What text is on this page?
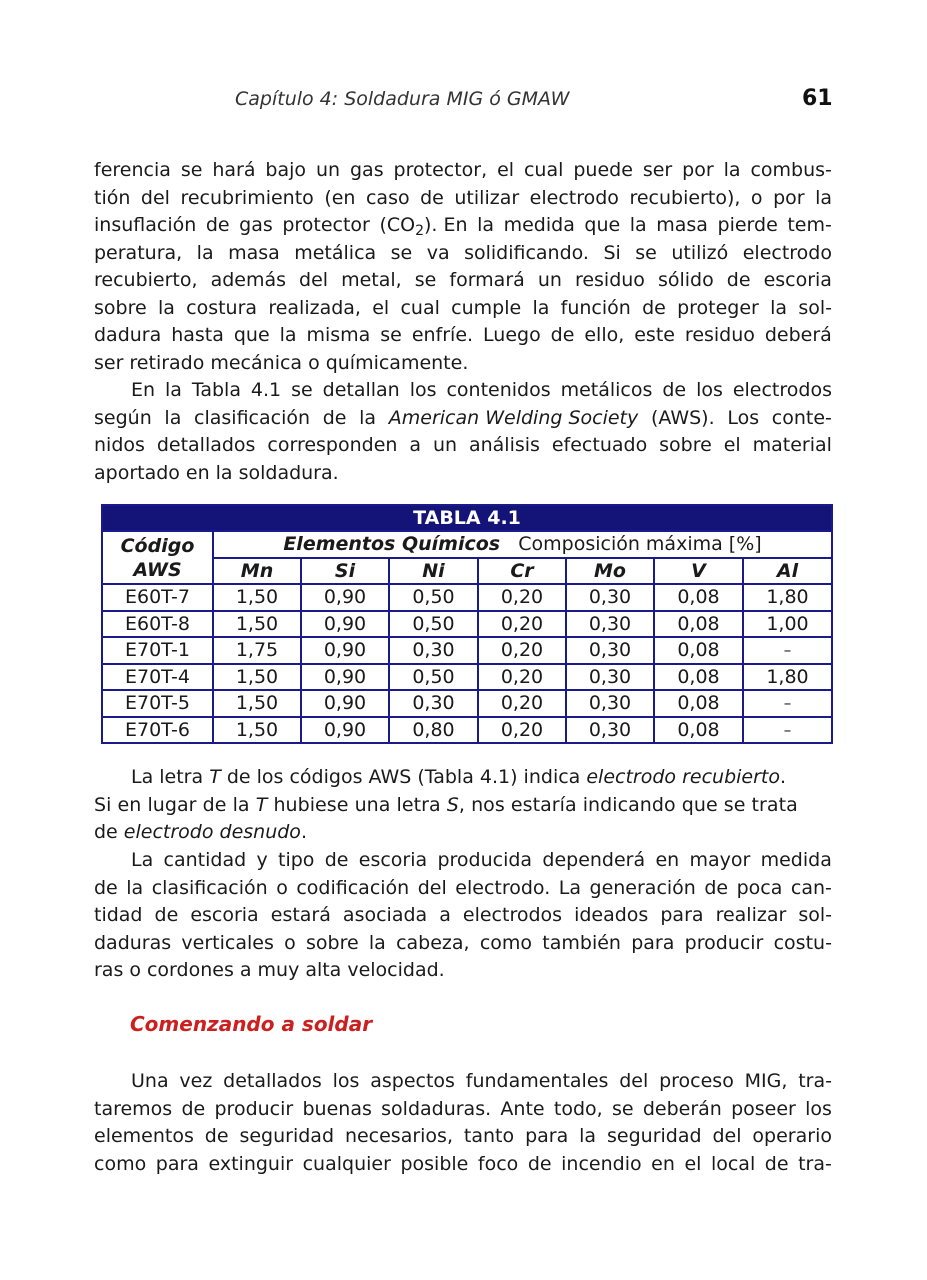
Capítulo 4: Soldadura MIG ó GMAW	61
ferencia se hará bajo un gas protector, el cual puede ser por la combus-
tión del recubrimiento (en caso de utilizar electrodo recubierto), o por la
insuflación de gas protector $(CO_2)$. En la medida que la masa pierde tem-
peratura, la masa metálica se va solidificando. Si se utilizó electrodo
recubierto, además del metal, se formará un residuo sólido de escoria
sobre la costura realizada, el cual cumple la función de proteger la sol-
dadura hasta que la misma se enfríe. Luego de ello, este residuo deberá
ser retirado mecánica o químicamente.
En la Tabla 4.1 se detallan los contenidos metálicos de los electrodos
según la clasificación de la American Welding Society (AWS). Los conte-
nidos detallados corresponden a un análisis efectuado sobre el material
aportado en la soldadura.
TABLA 4.1							

Código
AWS	Elementos Químicos Composición máxima [%]						
	Mn	Si	Ni	Cr	Mo	V	Al
E60T-7	1,50	0,90	0,50	0,20	0,30	0,08	1,80
E60T-8	1,50	0,90	0,50	0,20	0,30	0,08	1,00
E70T-1	1,75	0,90	0,30	0,20	0,30	0,08	–
E70T-4	1,50	0,90	0,50	0,20	0,30	0,08	1,80
E70T-5	1,50	0,90	0,30	0,20	0,30	0,08	–
E70T-6	1,50	0,90	0,80	0,20	0,30	0,08	–
La letra T de los códigos AWS (Tabla 4.1) indica electrodo recubierto.
Si en lugar de la T hubiese una letra S, nos estaría indicando que se trata
de electrodo desnudo.
La cantidad y tipo de escoria producida dependerá en mayor medida
de la clasificación o codificación del electrodo. La generación de poca can-
tidad de escoria estará asociada a electrodos ideados para realizar sol-
daduras verticales o sobre la cabeza, como también para producir costu-
ras o cordones a muy alta velocidad.
Comenzando a soldar
Una vez detallados los aspectos fundamentales del proceso MIG, tra-
taremos de producir buenas soldaduras. Ante todo, se deberán poseer los
elementos de seguridad necesarios, tanto para la seguridad del operario
como para extinguir cualquier posible foco de incendio en el local de tra-
